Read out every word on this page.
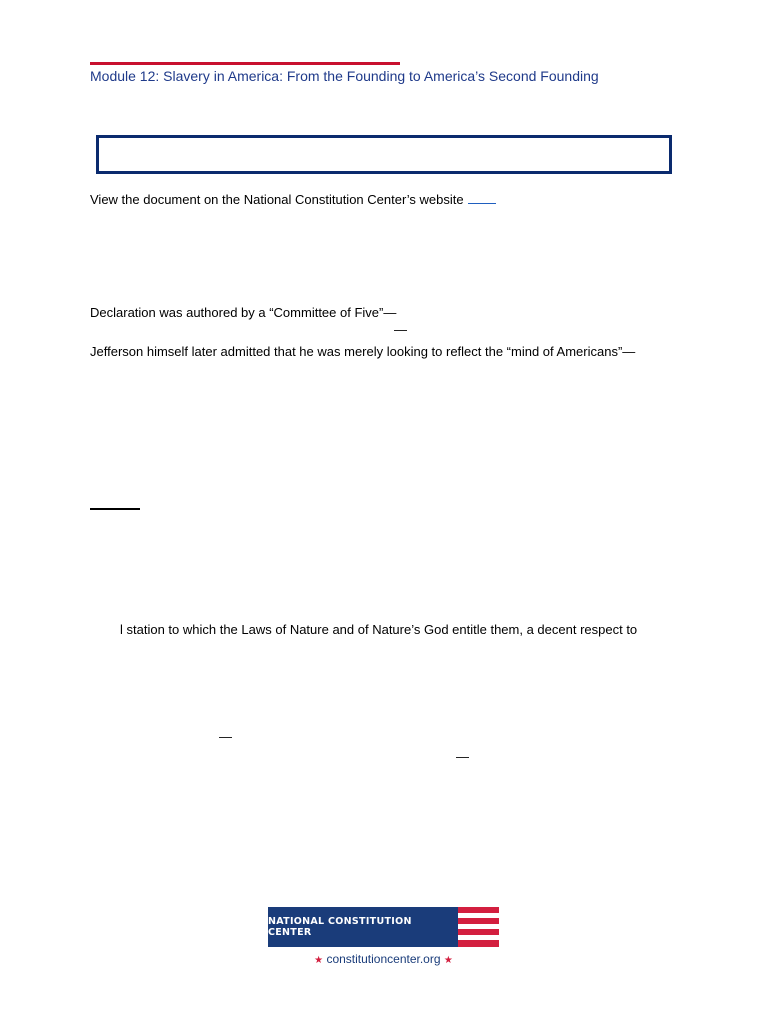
Module 12: Slavery in America: From the Founding to America’s Second Founding
View the document on the National Constitution Center’s website
Declaration was authored by a “Committee of Five”—
—
Jefferson himself later admitted that he was merely looking to reflect the “mind of Americans”—
l station to which the Laws of Nature and of Nature’s God entitle them, a decent respect to
—
—
NATIONAL CONSTITUTION CENTER
★ constitutioncenter.org ★
